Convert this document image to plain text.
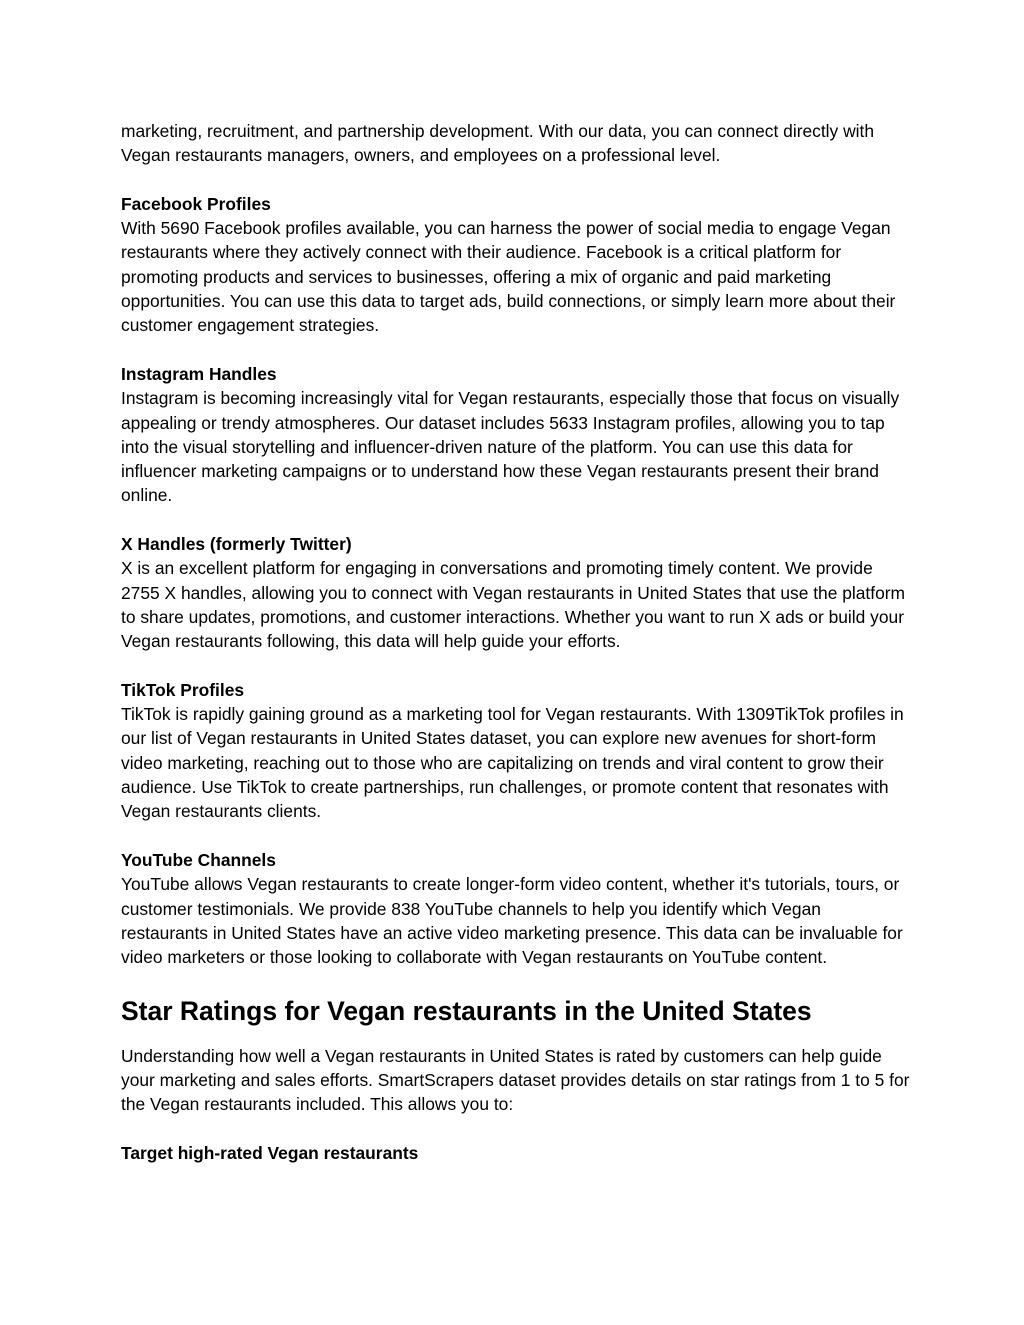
marketing, recruitment, and partnership development. With our data, you can connect directly with Vegan restaurants managers, owners, and employees on a professional level.

Facebook Profiles

With 5690 Facebook profiles available, you can harness the power of social media to engage Vegan restaurants where they actively connect with their audience. Facebook is a critical platform for promoting products and services to businesses, offering a mix of organic and paid marketing opportunities. You can use this data to target ads, build connections, or simply learn more about their customer engagement strategies.

Instagram Handles

Instagram is becoming increasingly vital for Vegan restaurants, especially those that focus on visually appealing or trendy atmospheres. Our dataset includes 5633 Instagram profiles, allowing you to tap into the visual storytelling and influencer-driven nature of the platform. You can use this data for influencer marketing campaigns or to understand how these Vegan restaurants present their brand online.

X Handles (formerly Twitter)

X is an excellent platform for engaging in conversations and promoting timely content. We provide 2755 X handles, allowing you to connect with Vegan restaurants in United States that use the platform to share updates, promotions, and customer interactions. Whether you want to run X ads or build your Vegan restaurants following, this data will help guide your efforts.

TikTok Profiles

TikTok is rapidly gaining ground as a marketing tool for Vegan restaurants. With 1309TikTok profiles in our list of Vegan restaurants in United States dataset, you can explore new avenues for short-form video marketing, reaching out to those who are capitalizing on trends and viral content to grow their audience. Use TikTok to create partnerships, run challenges, or promote content that resonates with Vegan restaurants clients.

YouTube Channels

YouTube allows Vegan restaurants to create longer-form video content, whether it's tutorials, tours, or customer testimonials. We provide 838 YouTube channels to help you identify which Vegan restaurants in United States have an active video marketing presence. This data can be invaluable for video marketers or those looking to collaborate with Vegan restaurants on YouTube content.

Star Ratings for Vegan restaurants in the United States

Understanding how well a Vegan restaurants in United States is rated by customers can help guide your marketing and sales efforts. SmartScrapers dataset provides details on star ratings from 1 to 5 for the Vegan restaurants included. This allows you to:

Target high-rated Vegan restaurants
